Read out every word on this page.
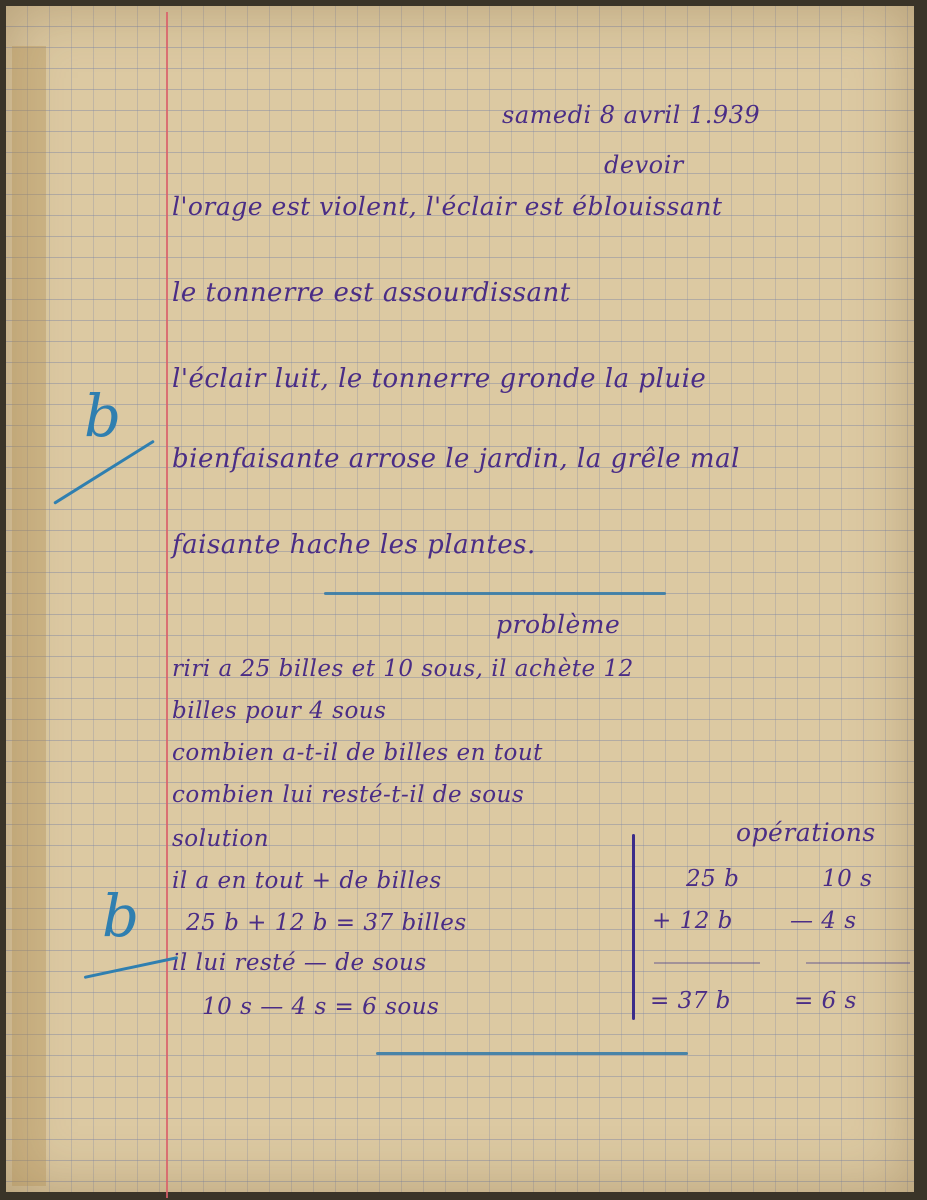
samedi 8 avril 1.939

devoir

l'orage est violent, l'éclair est éblouissant

le tonnerre est assourdissant

l'éclair luit, le tonnerre gronde la pluie

bienfaisante arrose le jardin, la grêle mal

faisante hache les plantes.

b

problème

riri a 25 billes et 10 sous, il achète 12

billes pour 4 sous

combien a-t-il de billes en tout

combien lui resté-t-il de sous

solution

il a en tout + de billes

25 b + 12 b = 37 billes

il lui resté — de sous

10 s — 4 s = 6 sous

b

opérations

25 b

+ 12 b

= 37 b

10 s

— 4 s

= 6 s
